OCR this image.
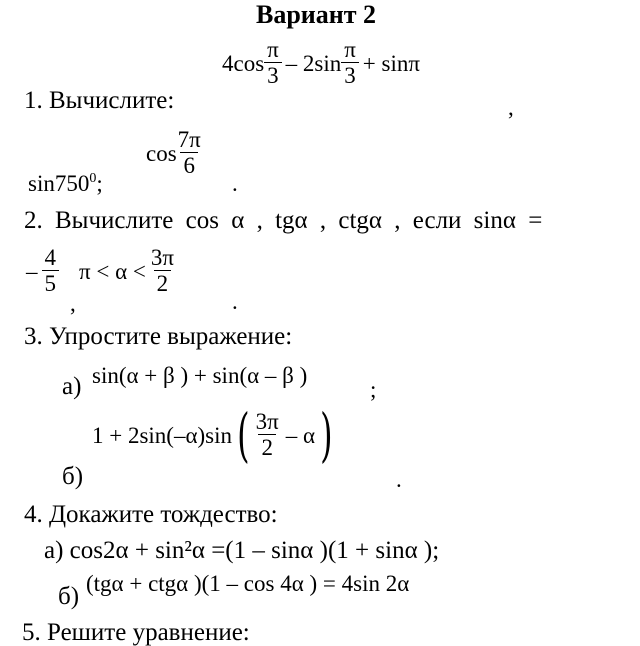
Вариант 2
1. Вычислите:
$4\cos \frac{\pi}{3} - 2\sin \frac{\pi}{3} + \sin\pi$
,
$\sin 750^0$;
$\cos \frac{7\pi}{6}$
.
2. Вычислите cos α , tgα , ctgα , если sinα =
– $\frac{4}{5}$ $\pi < \alpha < \frac{3\pi}{2}$
,	.
3. Упростите выражение:
а) sin(α + β ) + sin(α – β )
;
б)
1 + 2sin(–α)sin ( $\frac{3\pi}{2}$ – α )
.
4. Докажите тождество:
а) cos2α + sin²α =(1 – sinα )(1 + sinα );
б) (tgα + ctgα )(1 – cos 4α ) = 4sin 2α
5. Решите уравнение:
